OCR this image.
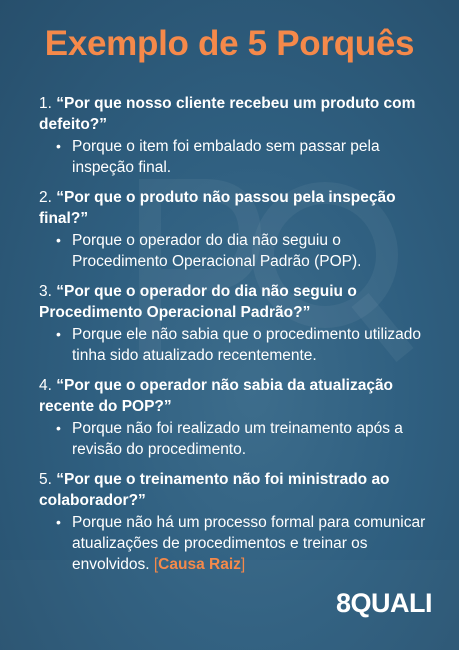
Exemplo de 5 Porquês

1. “Por que nosso cliente recebeu um produto com defeito?”

• Porque o item foi embalado sem passar pela inspeção final.

2. “Por que o produto não passou pela inspeção final?”

• Porque o operador do dia não seguiu o Procedimento Operacional Padrão (POP).

3. “Por que o operador do dia não seguiu o Procedimento Operacional Padrão?”

• Porque ele não sabia que o procedimento utilizado tinha sido atualizado recentemente.

4. “Por que o operador não sabia da atualização recente do POP?”

• Porque não foi realizado um treinamento após a revisão do procedimento.

5. “Por que o treinamento não foi ministrado ao colaborador?”

• Porque não há um processo formal para comunicar atualizações de procedimentos e treinar os envolvidos. [Causa Raiz]

8QUALI
